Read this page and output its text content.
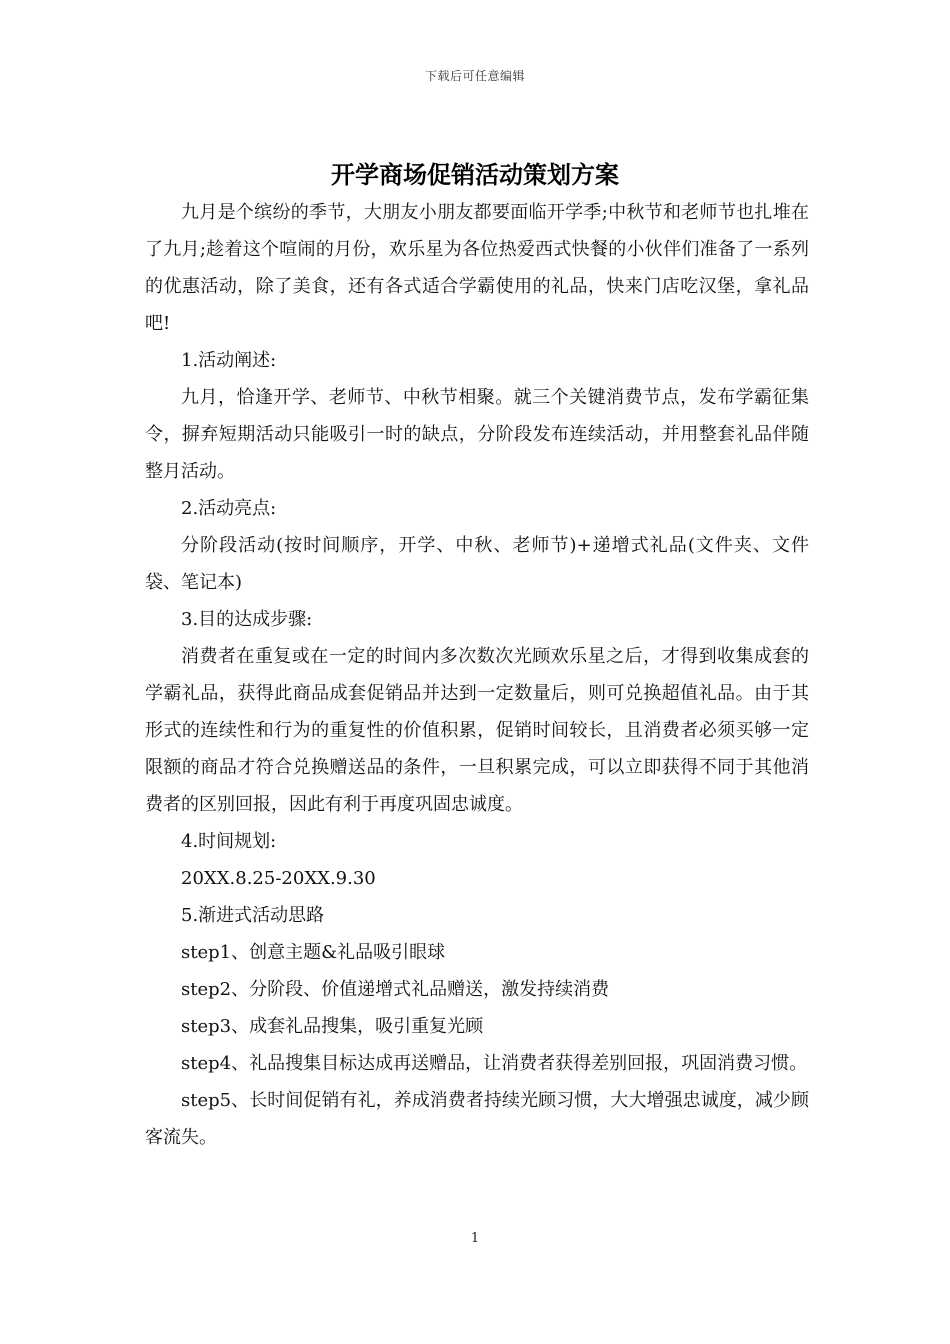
下载后可任意编辑
开学商场促销活动策划方案

九月是个缤纷的季节，大朋友小朋友都要面临开学季;中秋节和老师节也扎堆在了九月;趁着这个喧闹的月份，欢乐星为各位热爱西式快餐的小伙伴们准备了一系列的优惠活动，除了美食，还有各式适合学霸使用的礼品，快来门店吃汉堡，拿礼品吧!

1.活动阐述:

九月，恰逢开学、老师节、中秋节相聚。就三个关键消费节点，发布学霸征集令，摒弃短期活动只能吸引一时的缺点，分阶段发布连续活动，并用整套礼品伴随整月活动。

2.活动亮点:

分阶段活动(按时间顺序，开学、中秋、老师节)+递增式礼品(文件夹、文件袋、笔记本)

3.目的达成步骤:

消费者在重复或在一定的时间内多次数次光顾欢乐星之后，才得到收集成套的学霸礼品，获得此商品成套促销品并达到一定数量后，则可兑换超值礼品。由于其形式的连续性和行为的重复性的价值积累，促销时间较长，且消费者必须买够一定限额的商品才符合兑换赠送品的条件，一旦积累完成，可以立即获得不同于其他消费者的区别回报，因此有利于再度巩固忠诚度。

4.时间规划:

20XX.8.25-20XX.9.30

5.渐进式活动思路

step1、创意主题&礼品吸引眼球

step2、分阶段、价值递增式礼品赠送，激发持续消费

step3、成套礼品搜集，吸引重复光顾

step4、礼品搜集目标达成再送赠品，让消费者获得差别回报，巩固消费习惯。

step5、长时间促销有礼，养成消费者持续光顾习惯，大大增强忠诚度，减少顾客流失。

1
